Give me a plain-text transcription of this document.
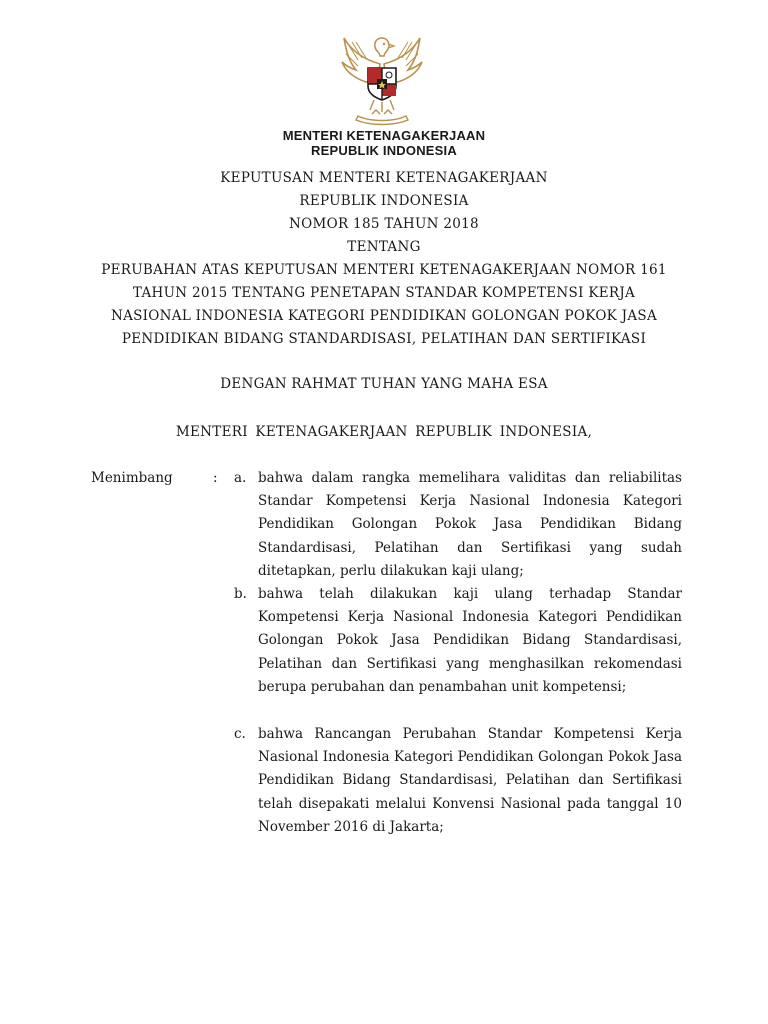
MENTERI KETENAGAKERJAAN
REPUBLIK INDONESIA
KEPUTUSAN MENTERI KETENAGAKERJAAN
REPUBLIK INDONESIA
NOMOR 185 TAHUN 2018
TENTANG
PERUBAHAN ATAS KEPUTUSAN MENTERI KETENAGAKERJAAN NOMOR 161
TAHUN 2015 TENTANG PENETAPAN STANDAR KOMPETENSI KERJA
NASIONAL INDONESIA KATEGORI PENDIDIKAN GOLONGAN POKOK JASA
PENDIDIKAN BIDANG STANDARDISASI, PELATIHAN DAN SERTIFIKASI
DENGAN RAHMAT TUHAN YANG MAHA ESA
MENTERI KETENAGAKERJAAN REPUBLIK INDONESIA,
Menimbang	: a. bahwa dalam rangka memelihara validitas dan reliabilitas Standar Kompetensi Kerja Nasional Indonesia Kategori Pendidikan Golongan Pokok Jasa Pendidikan Bidang Standardisasi, Pelatihan dan Sertifikasi yang sudah ditetapkan, perlu dilakukan kaji ulang;
b. bahwa telah dilakukan kaji ulang terhadap Standar Kompetensi Kerja Nasional Indonesia Kategori Pendidikan Golongan Pokok Jasa Pendidikan Bidang Standardisasi, Pelatihan dan Sertifikasi yang menghasilkan rekomendasi berupa perubahan dan penambahan unit kompetensi;
c. bahwa Rancangan Perubahan Standar Kompetensi Kerja Nasional Indonesia Kategori Pendidikan Golongan Pokok Jasa Pendidikan Bidang Standardisasi, Pelatihan dan Sertifikasi telah disepakati melalui Konvensi Nasional pada tanggal 10 November 2016 di Jakarta;
